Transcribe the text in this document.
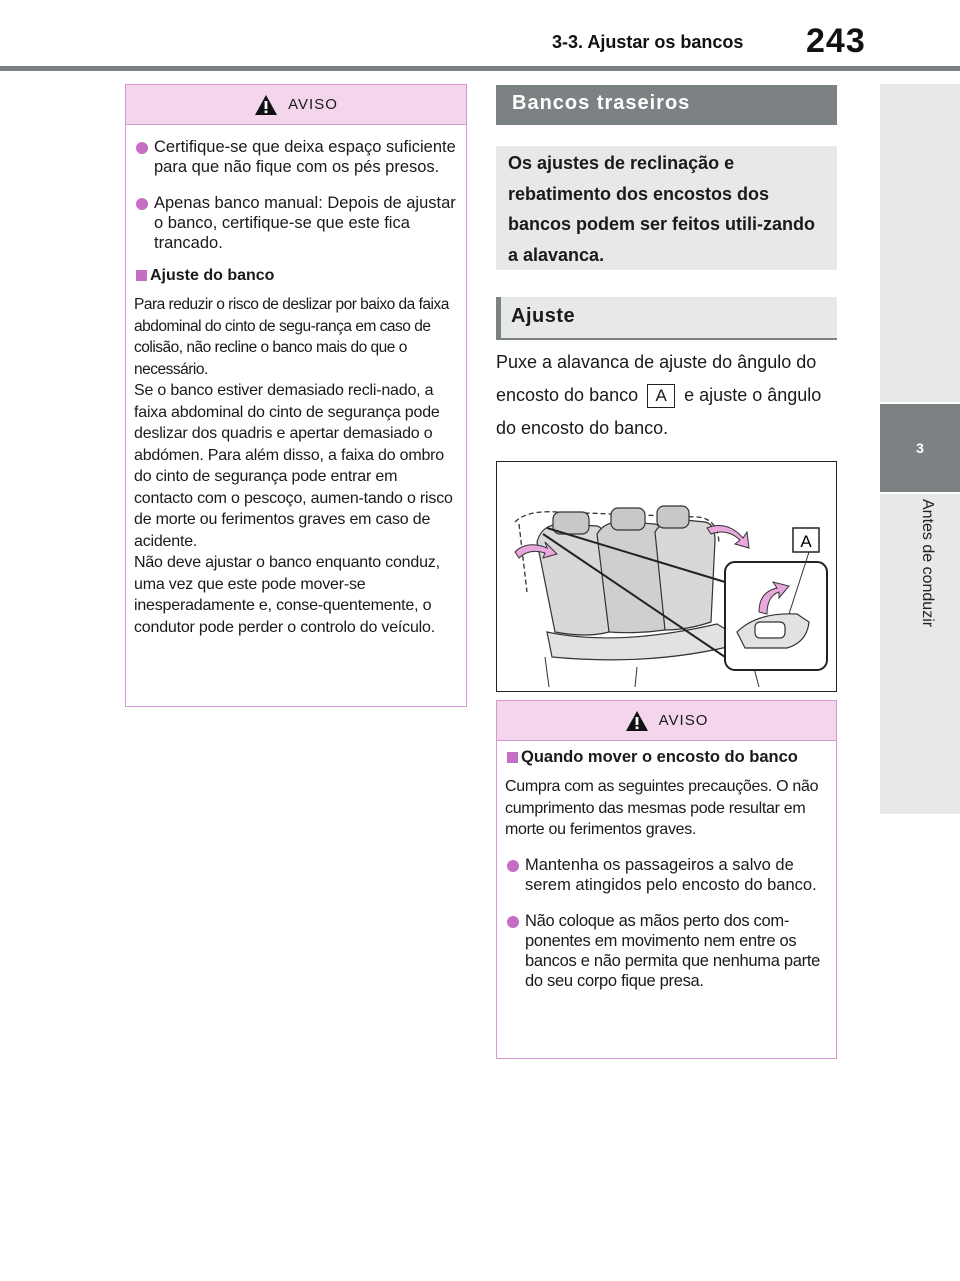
3-3. Ajustar os bancos 243
3
Antes de conduzir
AVISO
Certifique-se que deixa espaço suficiente para que não fique com os pés presos.
Apenas banco manual: Depois de ajustar o banco, certifique-se que este fica trancado.
Ajuste do banco
Para reduzir o risco de deslizar por baixo da faixa abdominal do cinto de segu-rança em caso de colisão, não recline o banco mais do que o necessário.
Se o banco estiver demasiado recli-nado, a faixa abdominal do cinto de segurança pode deslizar dos quadris e apertar demasiado o abdómen. Para além disso, a faixa do ombro do cinto de segurança pode entrar em contacto com o pescoço, aumen-tando o risco de morte ou ferimentos graves em caso de acidente.
Não deve ajustar o banco enquanto conduz, uma vez que este pode mover-se inesperadamente e, conse-quentemente, o condutor pode perder o controlo do veículo.
Bancos traseiros
Os ajustes de reclinação e rebatimento dos encostos dos bancos podem ser feitos utili-zando a alavanca.
Ajuste
Puxe a alavanca de ajuste do ângulo do encosto do banco A e ajuste o ângulo do encosto do banco.
A
AVISO
Quando mover o encosto do banco
Cumpra com as seguintes precauções. O não cumprimento das mesmas pode resultar em morte ou ferimentos graves.
Mantenha os passageiros a salvo de serem atingidos pelo encosto do banco.
Não coloque as mãos perto dos com-ponentes em movimento nem entre os bancos e não permita que nenhuma parte do seu corpo fique presa.
